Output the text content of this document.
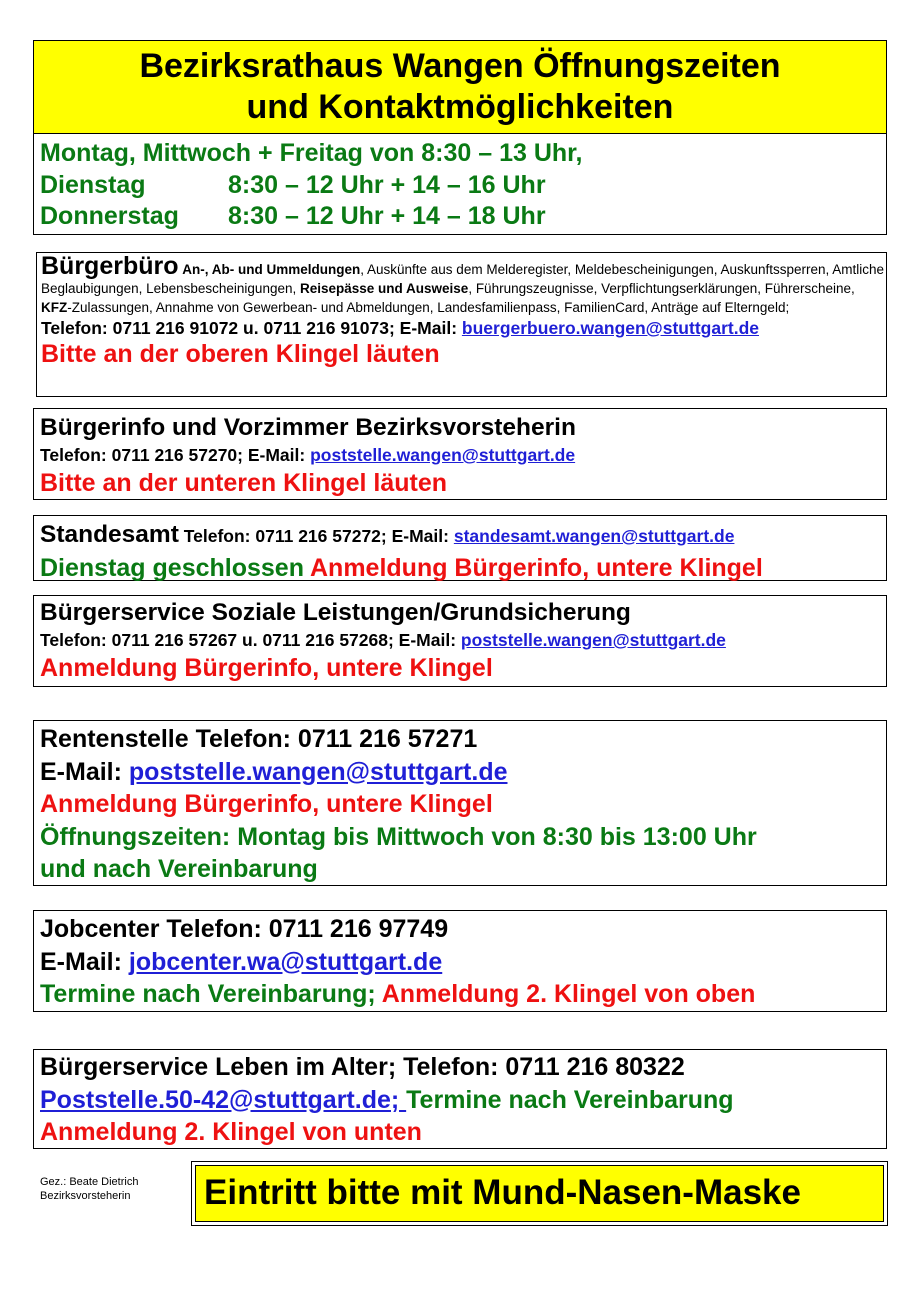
Bezirksrathaus Wangen Öffnungszeiten
und Kontaktmöglichkeiten
Montag, Mittwoch + Freitag von 8:30 – 13 Uhr,
Dienstag	8:30 – 12 Uhr + 14 – 16 Uhr
Donnerstag 8:30 – 12 Uhr + 14 – 18 Uhr
Bürgerbüro An-, Ab- und Ummeldungen, Auskünfte aus dem Melderegister, Meldebescheinigungen, Auskunftssperren, Amtliche Beglaubigungen, Lebensbescheinigungen, Reisepässe und Ausweise, Führungszeugnisse, Verpflichtungserklärungen, Führerscheine, KFZ-Zulassungen, Annahme von Gewerbean- und Abmeldungen, Landesfamilienpass, FamilienCard, Anträge auf Elterngeld;
Telefon: 0711 216 91072 u. 0711 216 91073; E-Mail: buergerbuero.wangen@stuttgart.de
Bitte an der oberen Klingel läuten
Bürgerinfo und Vorzimmer Bezirksvorsteherin
Telefon: 0711 216 57270; E-Mail: poststelle.wangen@stuttgart.de
Bitte an der unteren Klingel läuten
Standesamt Telefon: 0711 216 57272; E-Mail: standesamt.wangen@stuttgart.de
Dienstag geschlossen Anmeldung Bürgerinfo, untere Klingel
Bürgerservice Soziale Leistungen/Grundsicherung
Telefon: 0711 216 57267 u. 0711 216 57268; E-Mail: poststelle.wangen@stuttgart.de
Anmeldung Bürgerinfo, untere Klingel
Rentenstelle Telefon: 0711 216 57271
E-Mail: poststelle.wangen@stuttgart.de
Anmeldung Bürgerinfo, untere Klingel
Öffnungszeiten: Montag bis Mittwoch von 8:30 bis 13:00 Uhr
und nach Vereinbarung
Jobcenter Telefon: 0711 216 97749
E-Mail: jobcenter.wa@stuttgart.de
Termine nach Vereinbarung; Anmeldung 2. Klingel von oben
Bürgerservice Leben im Alter; Telefon: 0711 216 80322
Poststelle.50-42@stuttgart.de; Termine nach Vereinbarung
Anmeldung 2. Klingel von unten
Gez.: Beate Dietrich
Bezirksvorsteherin Eintritt bitte mit Mund-Nasen-Maske
